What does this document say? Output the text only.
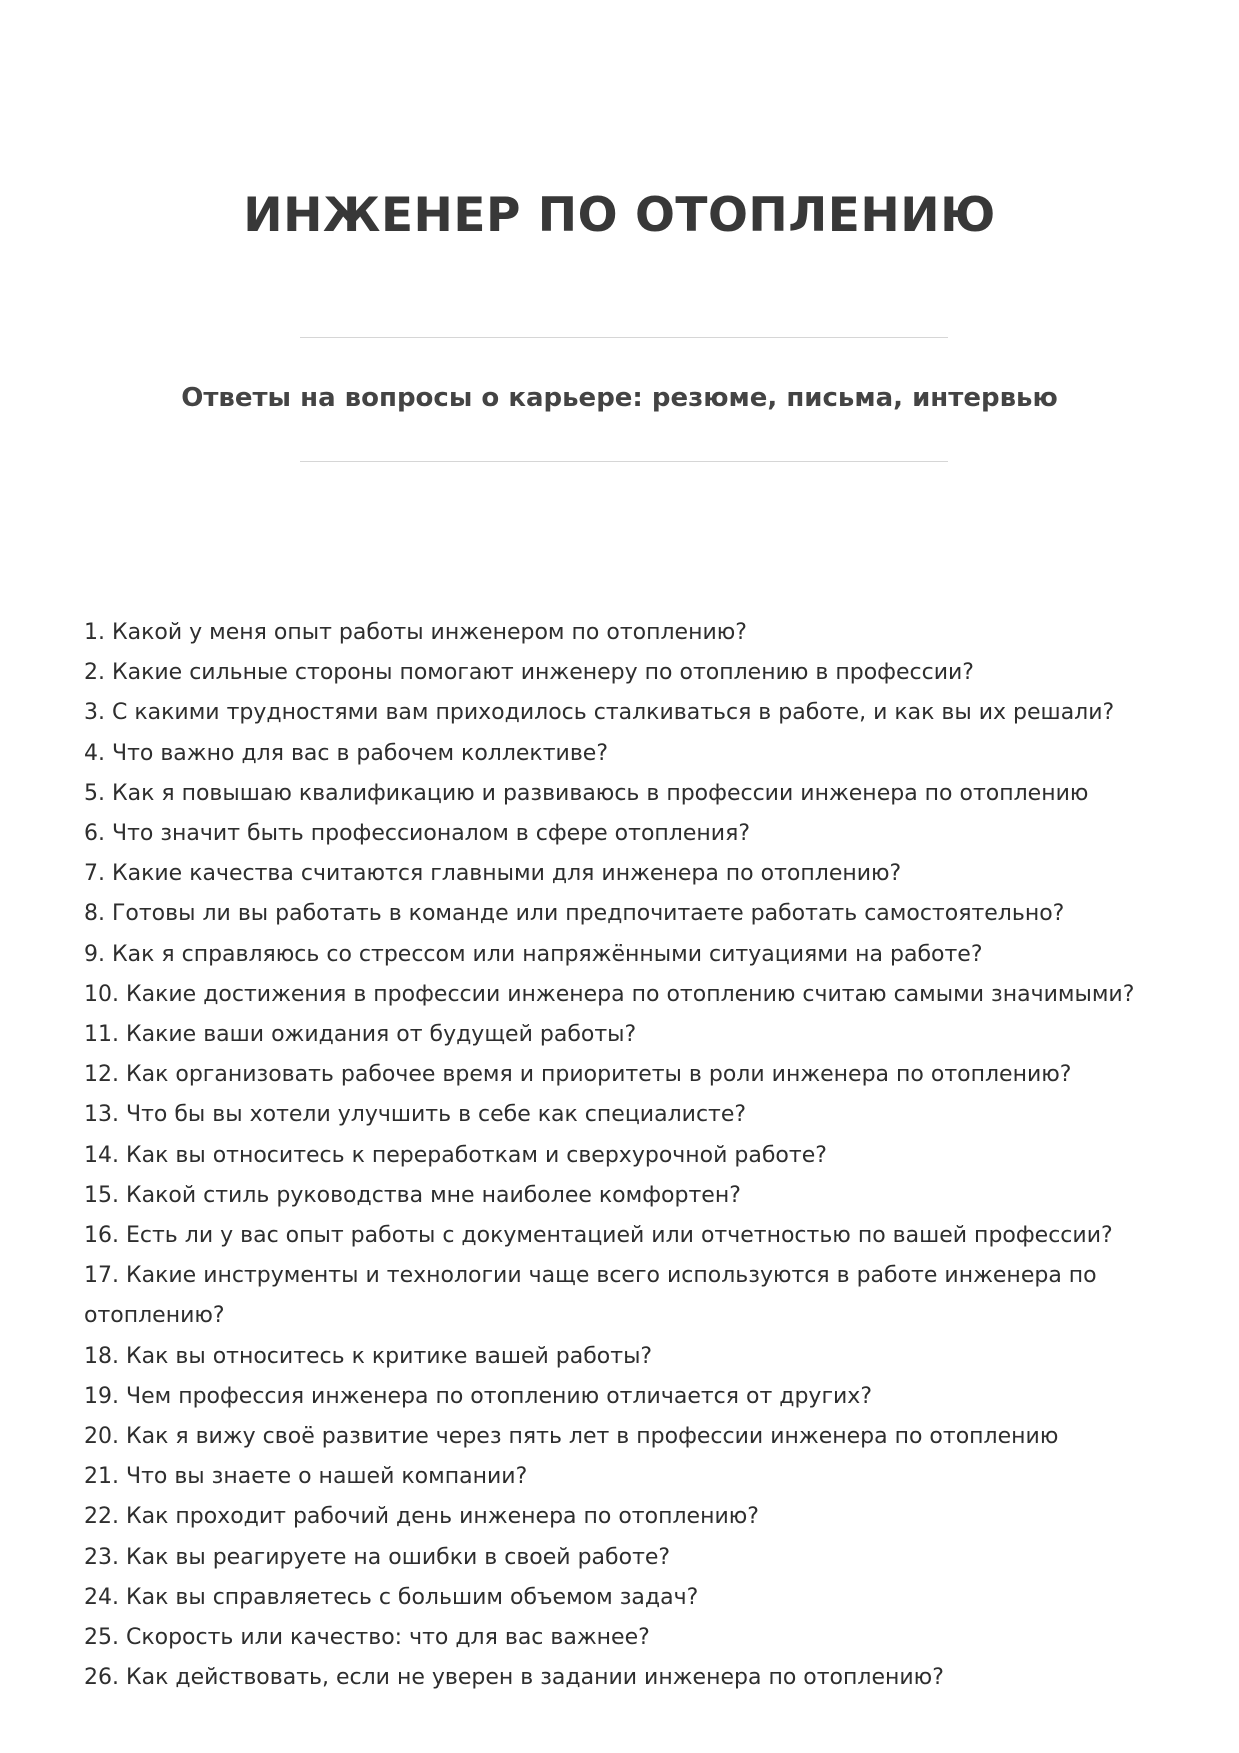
ИНЖЕНЕР ПО ОТОПЛЕНИЮ
Ответы на вопросы о карьере: резюме, письма, интервью
1. Какой у меня опыт работы инженером по отоплению?
2. Какие сильные стороны помогают инженеру по отоплению в профессии?
3. С какими трудностями вам приходилось сталкиваться в работе, и как вы их решали?
4. Что важно для вас в рабочем коллективе?
5. Как я повышаю квалификацию и развиваюсь в профессии инженера по отоплению
6. Что значит быть профессионалом в сфере отопления?
7. Какие качества считаются главными для инженера по отоплению?
8. Готовы ли вы работать в команде или предпочитаете работать самостоятельно?
9. Как я справляюсь со стрессом или напряжёнными ситуациями на работе?
10. Какие достижения в профессии инженера по отоплению считаю самыми значимыми?
11. Какие ваши ожидания от будущей работы?
12. Как организовать рабочее время и приоритеты в роли инженера по отоплению?
13. Что бы вы хотели улучшить в себе как специалисте?
14. Как вы относитесь к переработкам и сверхурочной работе?
15. Какой стиль руководства мне наиболее комфортен?
16. Есть ли у вас опыт работы с документацией или отчетностью по вашей профессии?
17. Какие инструменты и технологии чаще всего используются в работе инженера по отоплению?
18. Как вы относитесь к критике вашей работы?
19. Чем профессия инженера по отоплению отличается от других?
20. Как я вижу своё развитие через пять лет в профессии инженера по отоплению
21. Что вы знаете о нашей компании?
22. Как проходит рабочий день инженера по отоплению?
23. Как вы реагируете на ошибки в своей работе?
24. Как вы справляетесь с большим объемом задач?
25. Скорость или качество: что для вас важнее?
26. Как действовать, если не уверен в задании инженера по отоплению?
